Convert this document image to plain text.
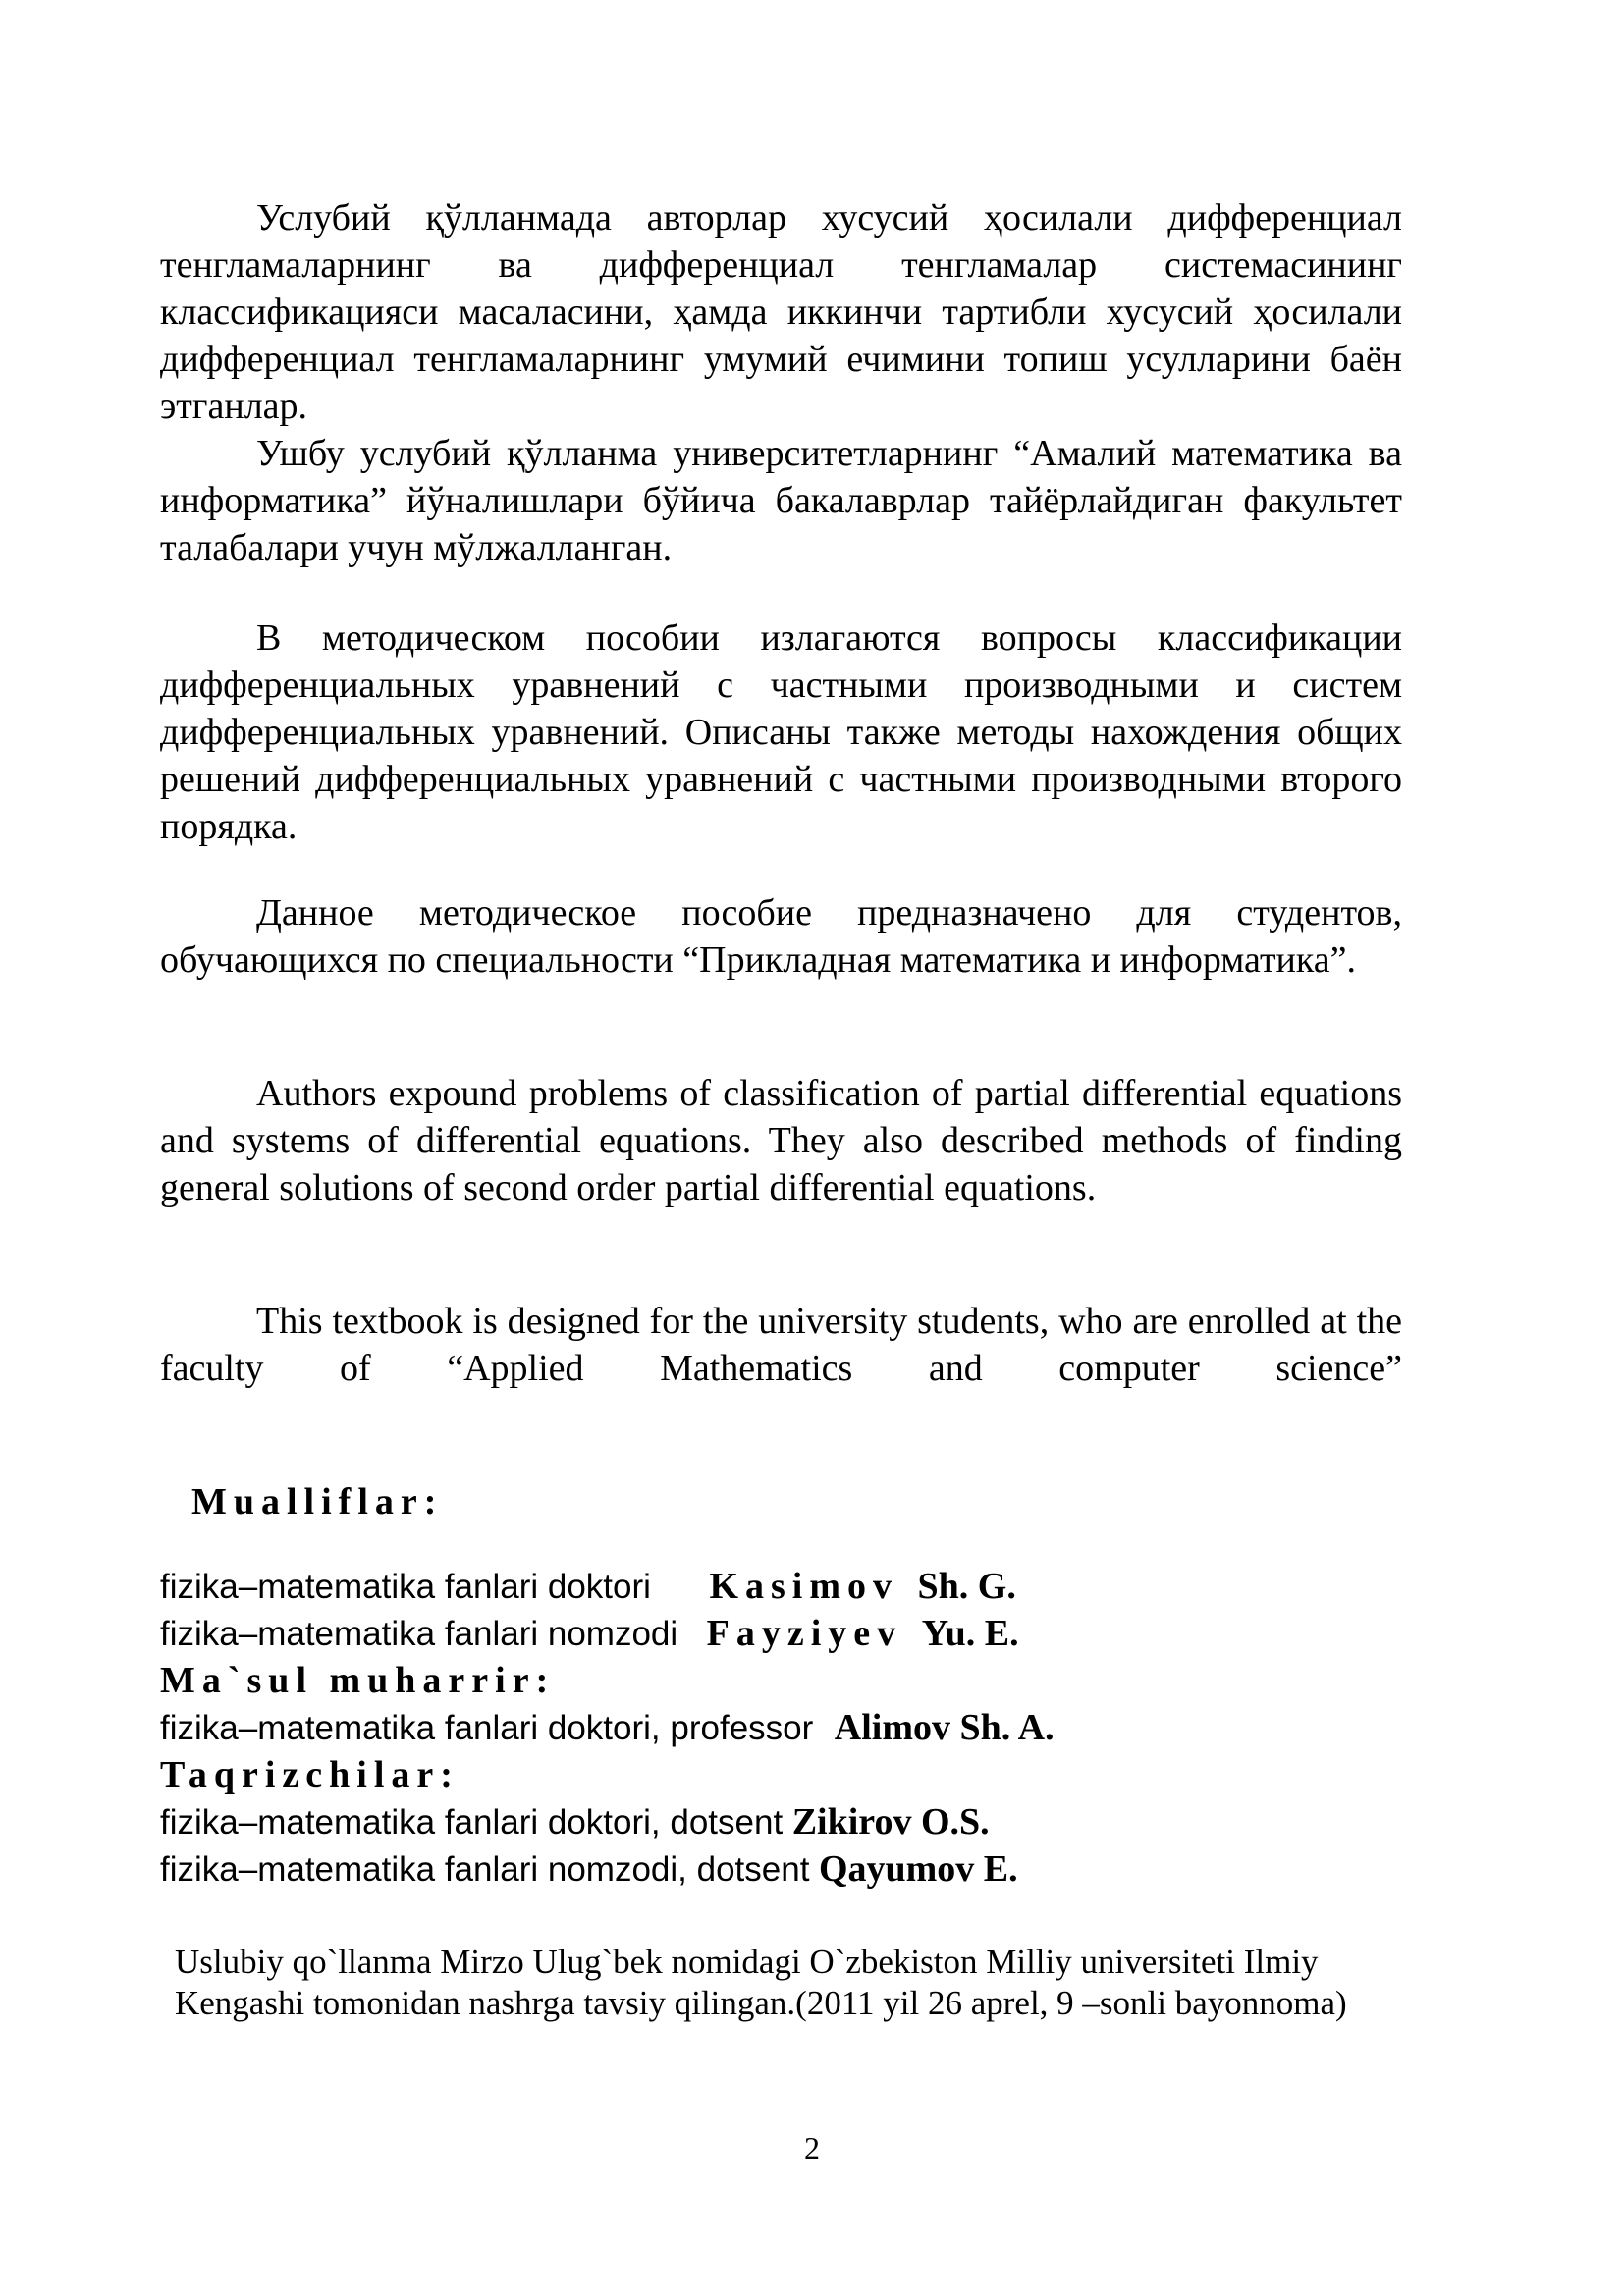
Услубий қўлланмада авторлар хусусий ҳосилали дифференциал тенгламаларнинг ва дифференциал тенгламалар системасининг классификацияси масаласини, ҳамда иккинчи тартибли хусусий ҳосилали дифференциал тенгламаларнинг умумий ечимини топиш усулларини баён этганлар.

Ушбу услубий қўлланма университетларнинг “Амалий математика ва информатика” йўналишлари бўйича бакалаврлар тайёрлайдиган факультет талабалари учун мўлжалланган.

В методическом пособии излагаются вопросы классификации дифференциальных уравнений с частными производными и систем дифференциальных уравнений. Описаны также методы нахождения общих решений дифференциальных уравнений с частными производными второго порядка.

Данное методическое пособие предназначено для студентов, обучающихся по специальности “Прикладная математика и информатика”.

Authors expound problems of classification of partial differential equations and systems of differential equations. They also described methods of finding general solutions of second order partial differential equations.

This textbook is designed for the university students, who are enrolled at the faculty of “Applied Mathematics and computer science”

Mualliflar:
fizika–matematika fanlari doktori Kasimov Sh. G.
fizika–matematika fanlari nomzodi Fayziyev Yu. E.
Ma`sul muharrir:
fizika–matematika fanlari doktori, professor Alimov Sh. A.
Taqrizchilar:
fizika–matematika fanlari doktori, dotsent Zikirov O.S.
fizika–matematika fanlari nomzodi, dotsent Qayumov E.

Uslubiy qo`llanma Mirzo Ulug`bek nomidagi O`zbekiston Milliy universiteti Ilmiy Kengashi tomonidan nashrga tavsiy qilingan.(2011 yil 26 aprel, 9 –sonli bayonnoma)

2
